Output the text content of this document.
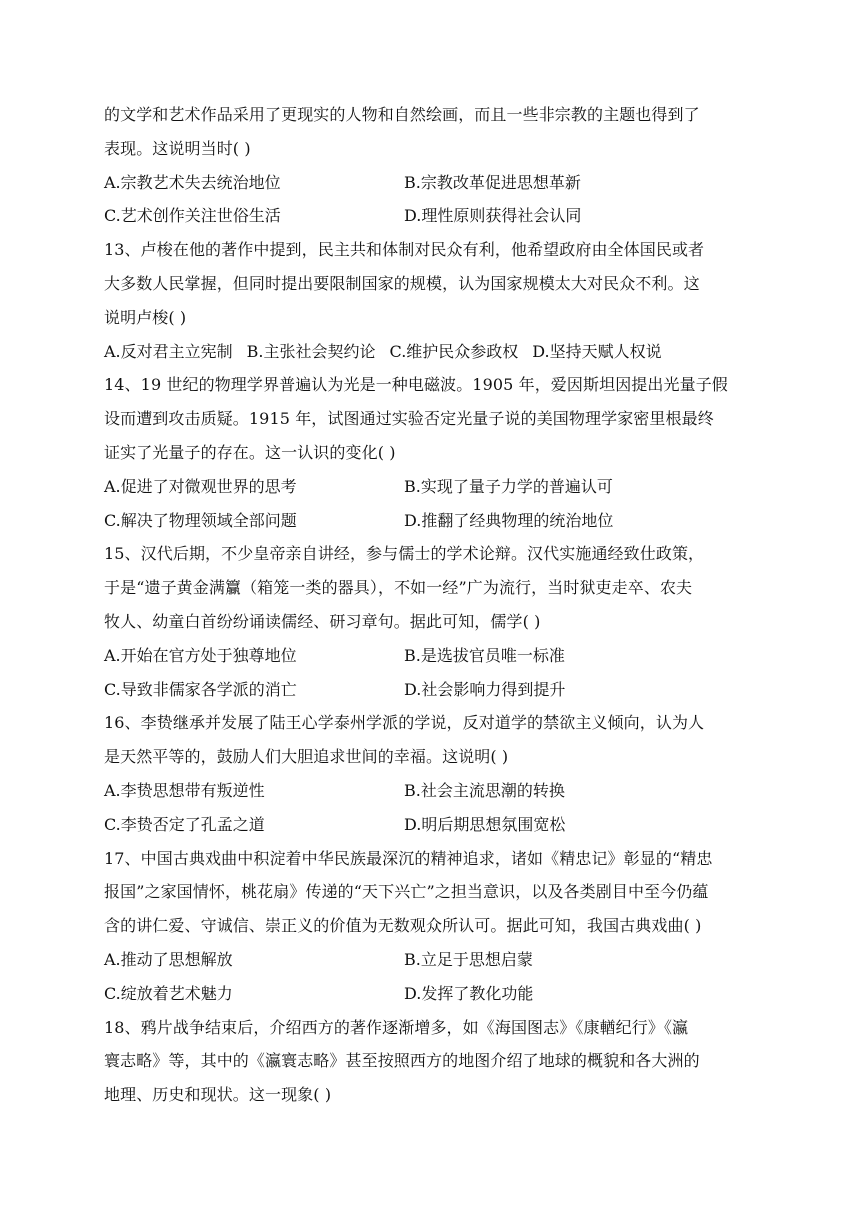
的文学和艺术作品采用了更现实的人物和自然绘画，而且一些非宗教的主题也得到了
表现。这说明当时( )
A.宗教艺术失去统治地位	B.宗教改革促进思想革新
C.艺术创作关注世俗生活	D.理性原则获得社会认同
13、卢梭在他的著作中提到，民主共和体制对民众有利，他希望政府由全体国民或者
大多数人民掌握，但同时提出要限制国家的规模，认为国家规模太大对民众不利。这
说明卢梭( )
A.反对君主立宪制 B.主张社会契约论 C.维护民众参政权 D.坚持天赋人权说
14、19 世纪的物理学界普遍认为光是一种电磁波。1905 年，爱因斯坦因提出光量子假
设而遭到攻击质疑。1915 年，试图通过实验否定光量子说的美国物理学家密里根最终
证实了光量子的存在。这一认识的变化( )
A.促进了对微观世界的思考	B.实现了量子力学的普遍认可
C.解决了物理领域全部问题	D.推翻了经典物理的统治地位
15、汉代后期，不少皇帝亲自讲经，参与儒士的学术论辩。汉代实施通经致仕政策，
于是“遗子黄金满籯（箱笼一类的器具），不如一经”广为流行，当时狱吏走卒、农夫
牧人、幼童白首纷纷诵读儒经、研习章句。据此可知，儒学( )
A.开始在官方处于独尊地位	B.是选拔官员唯一标准
C.导致非儒家各学派的消亡	D.社会影响力得到提升
16、李贽继承并发展了陆王心学泰州学派的学说，反对道学的禁欲主义倾向，认为人
是天然平等的，鼓励人们大胆追求世间的幸福。这说明( )
A.李贽思想带有叛逆性	B.社会主流思潮的转换
C.李贽否定了孔孟之道	D.明后期思想氛围宽松
17、中国古典戏曲中积淀着中华民族最深沉的精神追求，诸如《精忠记》彰显的“精忠
报国”之家国情怀，桃花扇》传递的“天下兴亡”之担当意识，以及各类剧目中至今仍蕴
含的讲仁爱、守诚信、崇正义的价值为无数观众所认可。据此可知，我国古典戏曲( )
A.推动了思想解放	B.立足于思想启蒙
C.绽放着艺术魅力	D.发挥了教化功能
18、鸦片战争结束后，介绍西方的著作逐渐增多，如《海国图志》《康輶纪行》《瀛
寰志略》等，其中的《瀛寰志略》甚至按照西方的地图介绍了地球的概貌和各大洲的
地理、历史和现状。这一现象( )
